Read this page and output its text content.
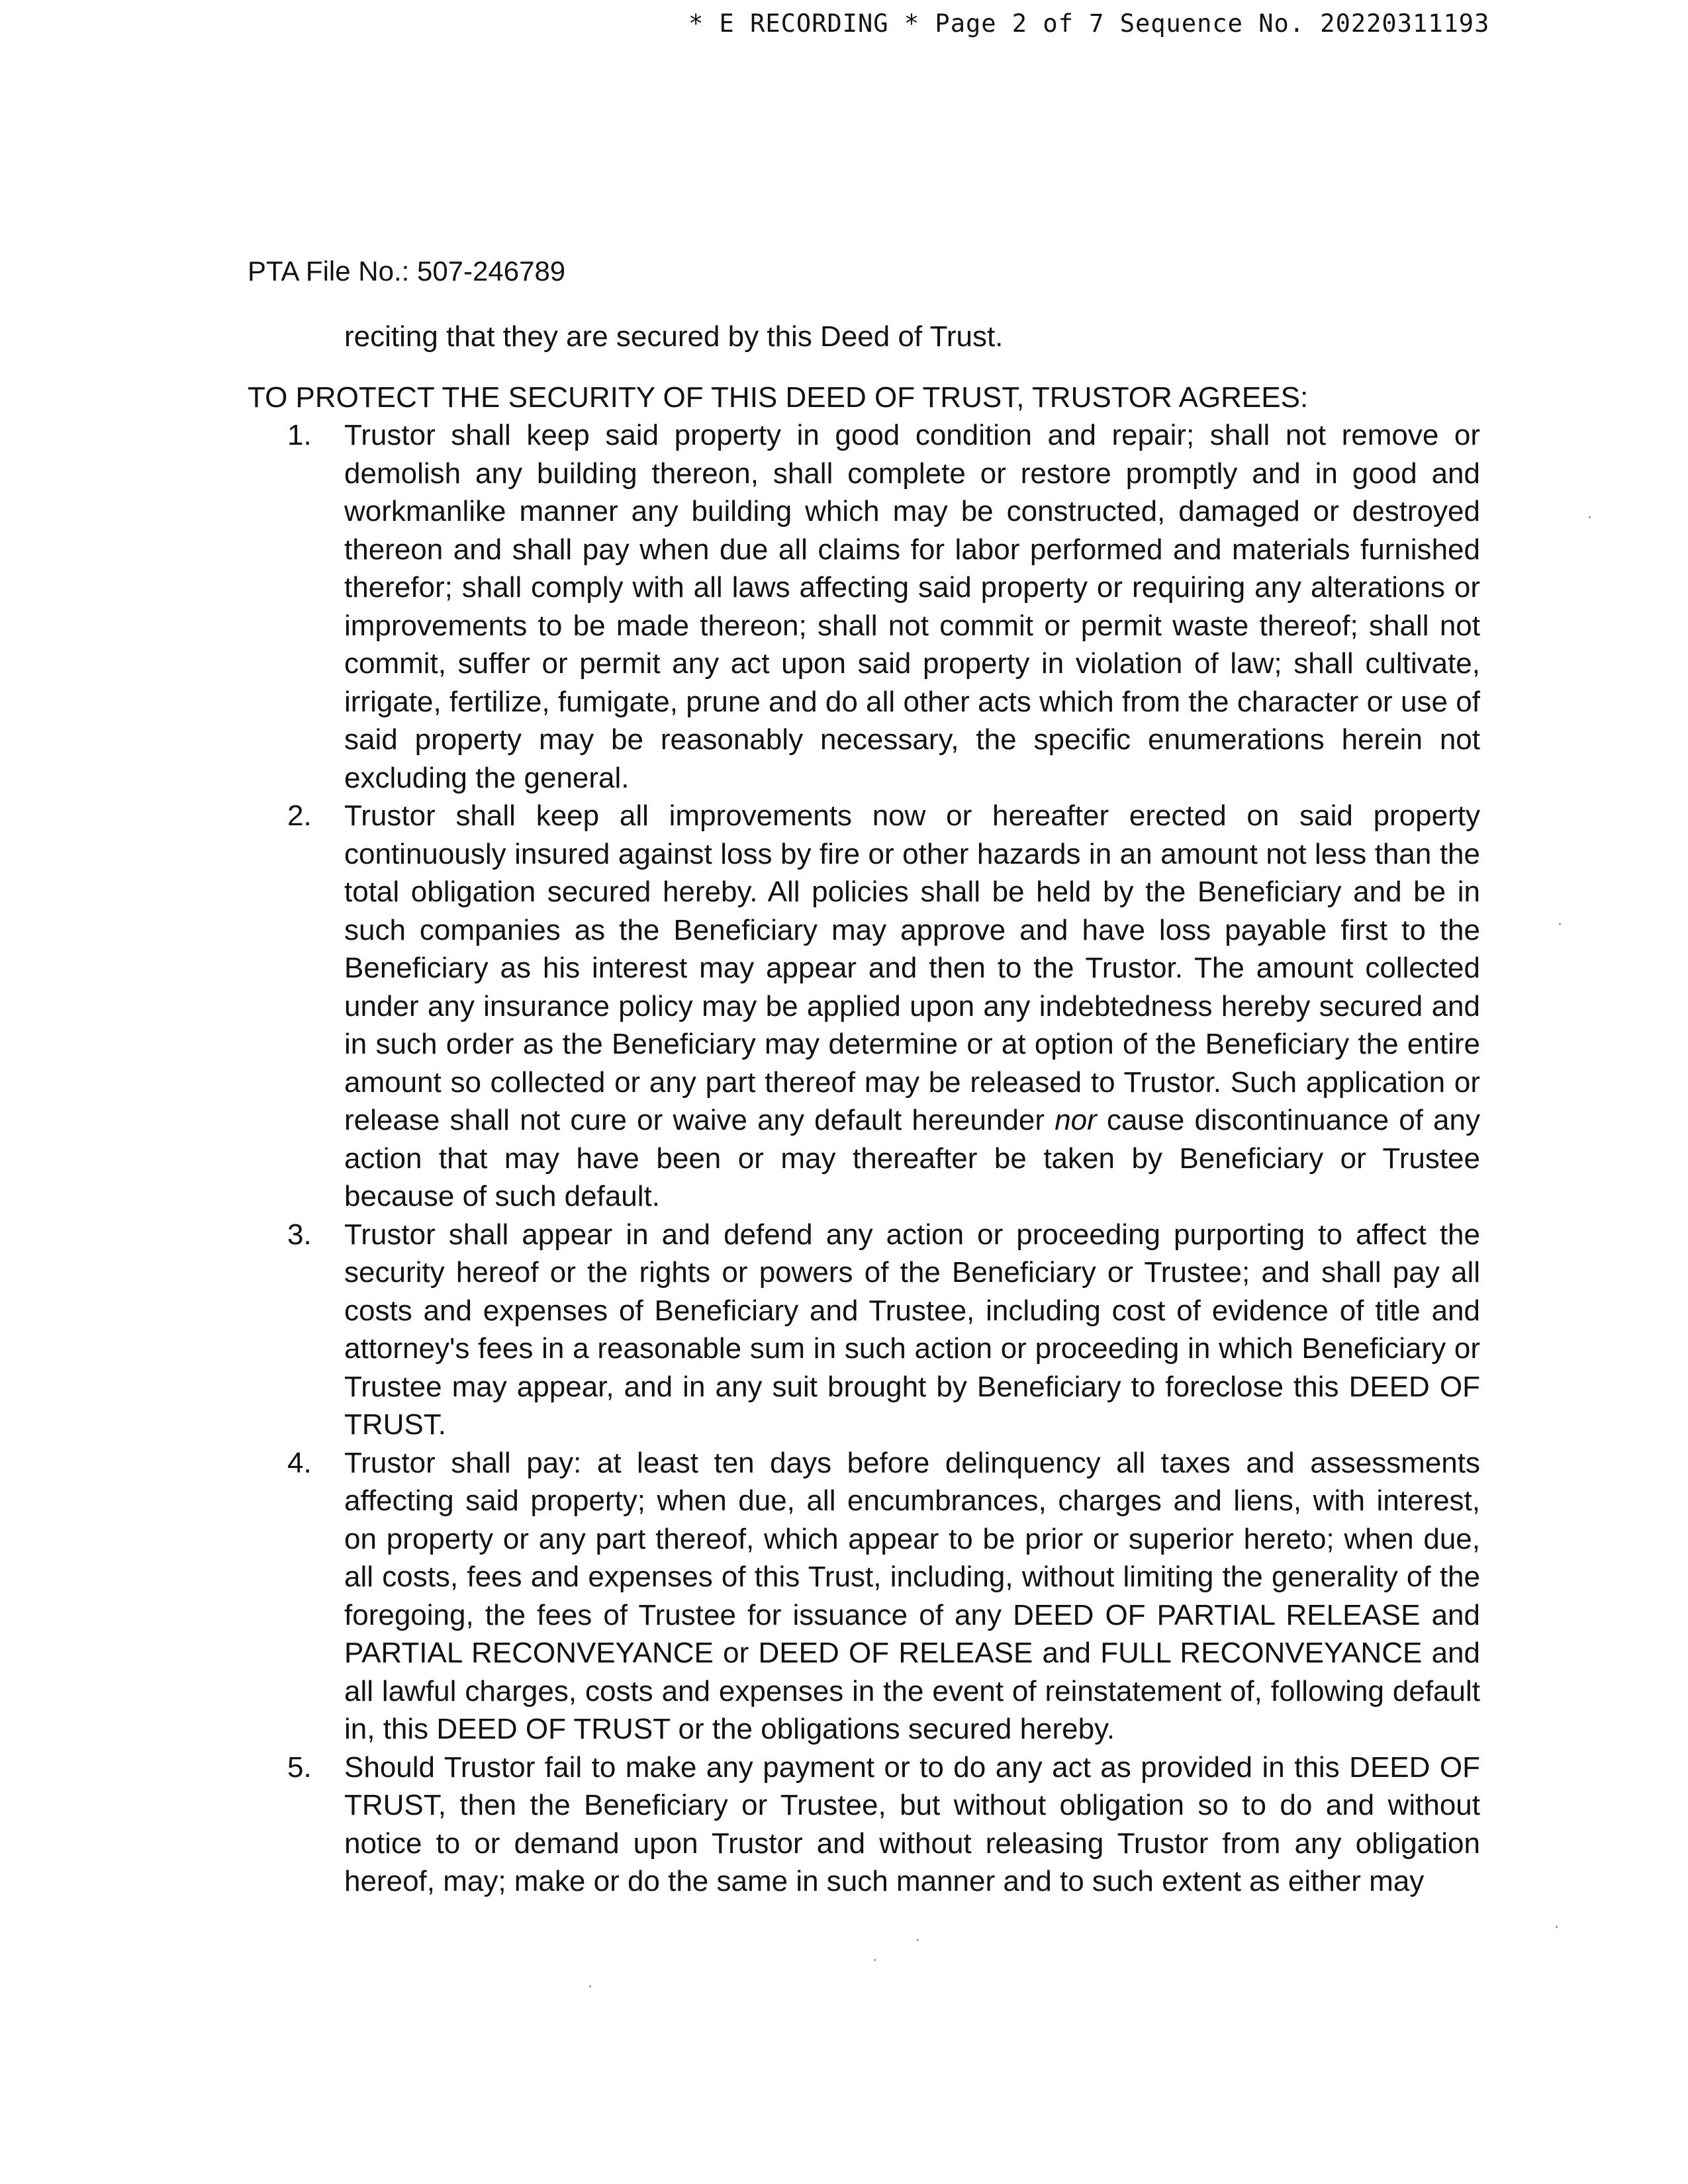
* E RECORDING * Page 2 of 7 Sequence No. 20220311193
PTA File No.: 507-246789

reciting that they are secured by this Deed of Trust.

TO PROTECT THE SECURITY OF THIS DEED OF TRUST, TRUSTOR AGREES:

1. Trustor shall keep said property in good condition and repair; shall not remove or demolish any building thereon, shall complete or restore promptly and in good and workmanlike manner any building which may be constructed, damaged or destroyed thereon and shall pay when due all claims for labor performed and materials furnished therefor; shall comply with all laws affecting said property or requiring any alterations or improvements to be made thereon; shall not commit or permit waste thereof; shall not commit, suffer or permit any act upon said property in violation of law; shall cultivate, irrigate, fertilize, fumigate, prune and do all other acts which from the character or use of said property may be reasonably necessary, the specific enumerations herein not excluding the general.
2. Trustor shall keep all improvements now or hereafter erected on said property continuously insured against loss by fire or other hazards in an amount not less than the total obligation secured hereby. All policies shall be held by the Beneficiary and be in such companies as the Beneficiary may approve and have loss payable first to the Beneficiary as his interest may appear and then to the Trustor. The amount collected under any insurance policy may be applied upon any indebtedness hereby secured and in such order as the Beneficiary may determine or at option of the Beneficiary the entire amount so collected or any part thereof may be released to Trustor. Such application or release shall not cure or waive any default hereunder nor cause discontinuance of any action that may have been or may thereafter be taken by Beneficiary or Trustee because of such default.
3. Trustor shall appear in and defend any action or proceeding purporting to affect the security hereof or the rights or powers of the Beneficiary or Trustee; and shall pay all costs and expenses of Beneficiary and Trustee, including cost of evidence of title and attorney's fees in a reasonable sum in such action or proceeding in which Beneficiary or Trustee may appear, and in any suit brought by Beneficiary to foreclose this DEED OF TRUST.
4. Trustor shall pay: at least ten days before delinquency all taxes and assessments affecting said property; when due, all encumbrances, charges and liens, with interest, on property or any part thereof, which appear to be prior or superior hereto; when due, all costs, fees and expenses of this Trust, including, without limiting the generality of the foregoing, the fees of Trustee for issuance of any DEED OF PARTIAL RELEASE and PARTIAL RECONVEYANCE or DEED OF RELEASE and FULL RECONVEYANCE and all lawful charges, costs and expenses in the event of reinstatement of, following default in, this DEED OF TRUST or the obligations secured hereby.
5. Should Trustor fail to make any payment or to do any act as provided in this DEED OF TRUST, then the Beneficiary or Trustee, but without obligation so to do and without notice to or demand upon Trustor and without releasing Trustor from any obligation hereof, may; make or do the same in such manner and to such extent as either may
